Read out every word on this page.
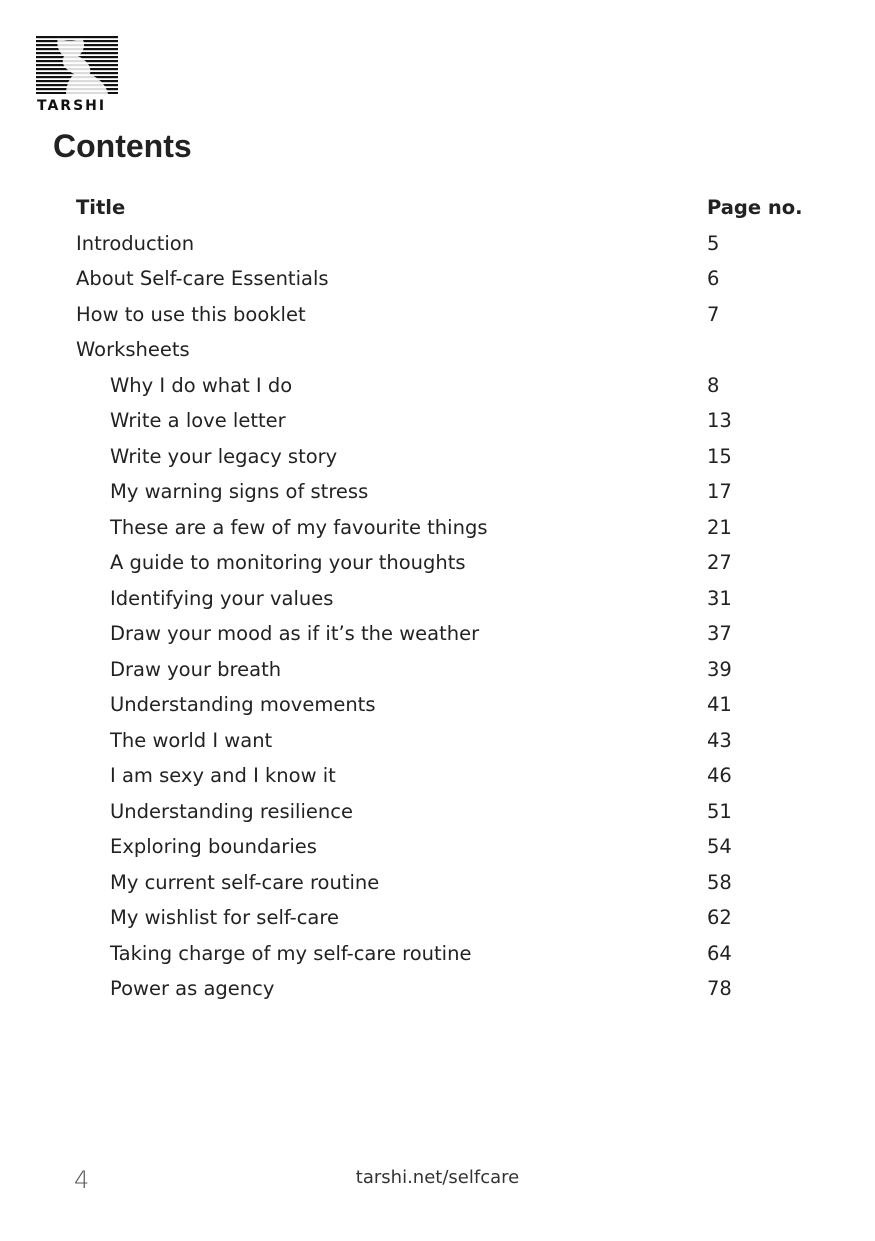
TARSHI
Contents
Title	Page no.
Introduction	5
About Self-care Essentials	6
How to use this booklet	7
Worksheets
Why I do what I do	8
Write a love letter	13
Write your legacy story	15
My warning signs of stress	17
These are a few of my favourite things	21
A guide to monitoring your thoughts	27
Identifying your values	31
Draw your mood as if it’s the weather	37
Draw your breath	39
Understanding movements	41
The world I want	43
I am sexy and I know it	46
Understanding resilience	51
Exploring boundaries	54
My current self-care routine	58
My wishlist for self-care	62
Taking charge of my self-care routine	64
Power as agency	78
4	tarshi.net/selfcare
